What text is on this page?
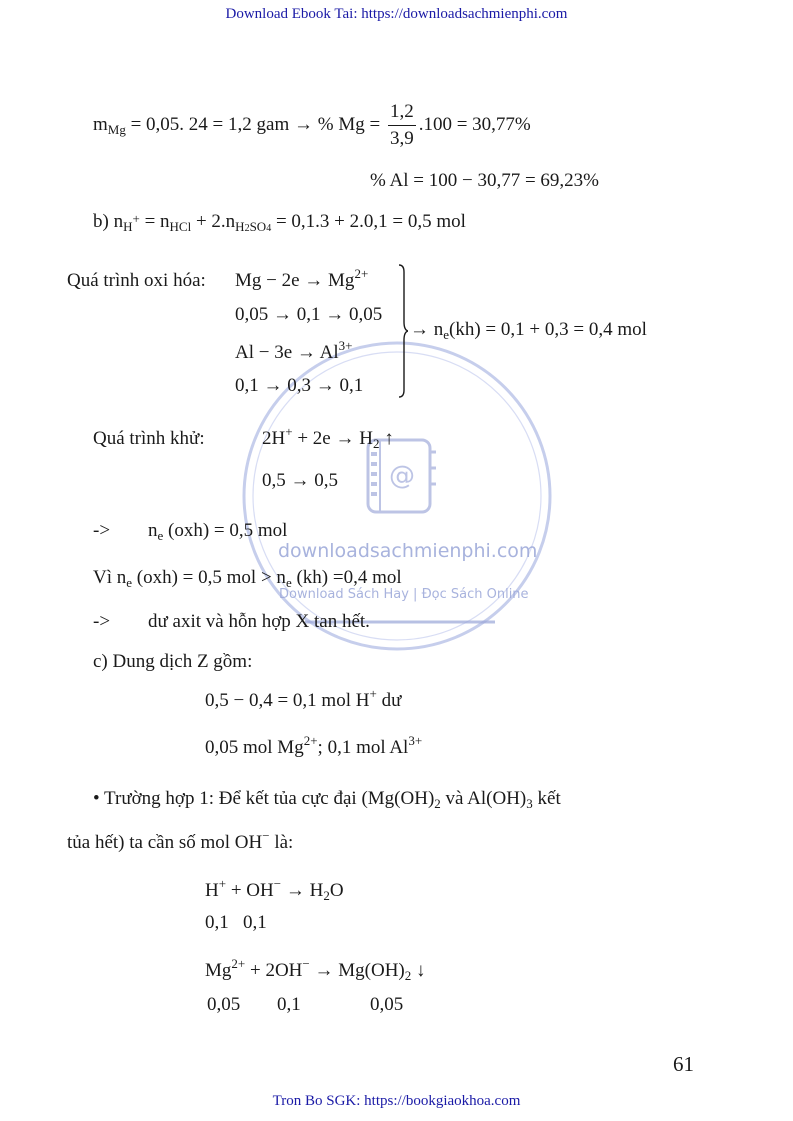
Download Ebook Tai: https://downloadsachmienphi.com
@
downloadsachmienphi.com
Download Sách Hay | Đọc Sách Online
$m_{Mg} = 0,05$. 24 = 1,2 gam → % $Mg = \frac{1,2}{3,9} .100 = 30,77\%$
% Al = 100 − 30,77 = 69,23%
b) $n_{H^+} = n_{HCl} + 2.n_{H2SO4} = 0,1.3 + 2.0,1 = 0,5$ mol
Quá trình oxi hóa: $Mg - 2e \to Mg^{2+}$
0,05 → 0,1 → 0,05
$Al - 3e \to Al^{3+}$
0,1 → 0,3 → 0,1
→ $n_e(kh) = 0,1 + 0,3 = 0,4$ mol
Quá trình khử:	$2H^+ + 2e \to H_2$ ↑
0,5 → 0,5
-> $n_e$ (oxh) = 0,5 mol
Vì $n_e$ (oxh) = 0,5 mol > $n_e$ (kh) =0,4 mol
-> dư axit và hỗn hợp X tan hết.
c) Dung dịch Z gồm:
0,5 − 0,4 = 0,1 mol H+ dư
0,05 mol $Mg^{2+}$; 0,1 mol $Al^{3+}$
• Trường hợp 1: Để kết tủa cực đại ($Mg(OH)_2$ và $Al(OH)_3$ kết
tủa hết) ta cần số mol OH− là:
$H^+ + OH^- \to H_2O$
0,1   0,1
$Mg^{2+} + 2OH^- \to Mg(OH)_2$ ↓
0,05 0,1	0,05
61
Tron Bo SGK: https://bookgiaokhoa.com
